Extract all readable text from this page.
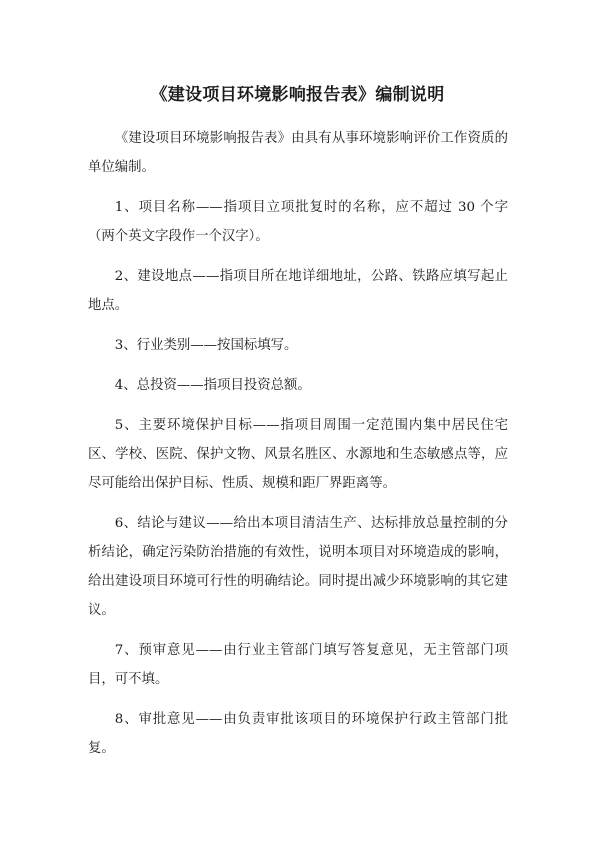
《建设项目环境影响报告表》编制说明

《建设项目环境影响报告表》由具有从事环境影响评价工作资质的单位编制。

1、项目名称——指项目立项批复时的名称，应不超过 30 个字（两个英文字段作一个汉字）。

2、建设地点——指项目所在地详细地址，公路、铁路应填写起止地点。

3、行业类别——按国标填写。

4、总投资——指项目投资总额。

5、主要环境保护目标——指项目周围一定范围内集中居民住宅区、学校、医院、保护文物、风景名胜区、水源地和生态敏感点等，应尽可能给出保护目标、性质、规模和距厂界距离等。

6、结论与建议——给出本项目清洁生产、达标排放总量控制的分析结论，确定污染防治措施的有效性，说明本项目对环境造成的影响，给出建设项目环境可行性的明确结论。同时提出减少环境影响的其它建议。

7、预审意见——由行业主管部门填写答复意见，无主管部门项目，可不填。

8、审批意见——由负责审批该项目的环境保护行政主管部门批复。
